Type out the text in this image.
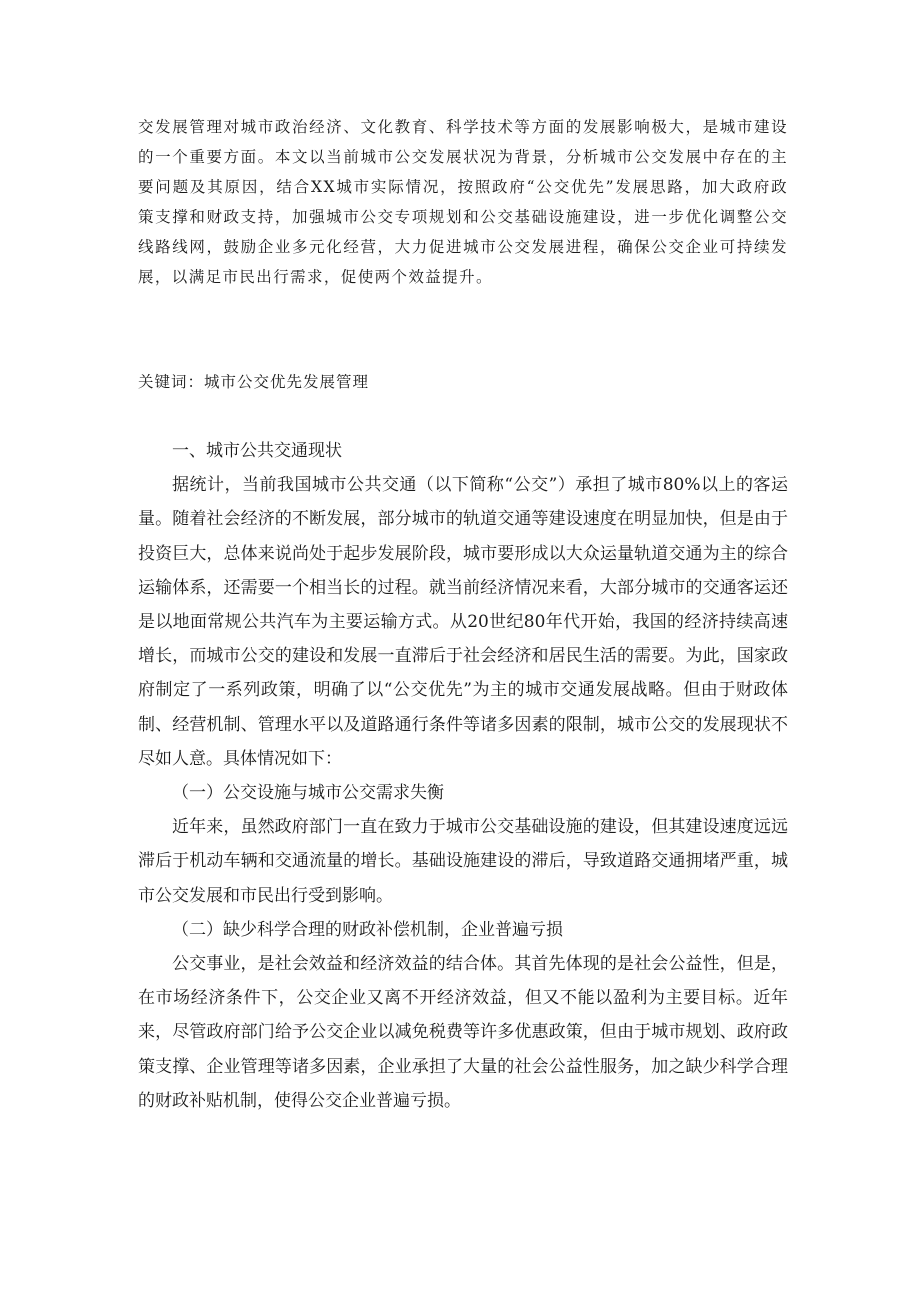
交发展管理对城市政治经济、文化教育、科学技术等方面的发展影响极大，是城市建设的一个重要方面。本文以当前城市公交发展状况为背景，分析城市公交发展中存在的主要问题及其原因，结合XX城市实际情况，按照政府“公交优先”发展思路，加大政府政策支撑和财政支持，加强城市公交专项规划和公交基础设施建设，进一步优化调整公交线路线网，鼓励企业多元化经营，大力促进城市公交发展进程，确保公交企业可持续发展，以满足市民出行需求，促使两个效益提升。

关键词：城市公交优先发展管理

一、城市公共交通现状

据统计，当前我国城市公共交通（以下简称“公交”）承担了城市80%以上的客运量。随着社会经济的不断发展，部分城市的轨道交通等建设速度在明显加快，但是由于投资巨大，总体来说尚处于起步发展阶段，城市要形成以大众运量轨道交通为主的综合运输体系，还需要一个相当长的过程。就当前经济情况来看，大部分城市的交通客运还是以地面常规公共汽车为主要运输方式。从20世纪80年代开始，我国的经济持续高速增长，而城市公交的建设和发展一直滞后于社会经济和居民生活的需要。为此，国家政府制定了一系列政策，明确了以“公交优先”为主的城市交通发展战略。但由于财政体制、经营机制、管理水平以及道路通行条件等诸多因素的限制，城市公交的发展现状不尽如人意。具体情况如下：

（一）公交设施与城市公交需求失衡

近年来，虽然政府部门一直在致力于城市公交基础设施的建设，但其建设速度远远滞后于机动车辆和交通流量的增长。基础设施建设的滞后，导致道路交通拥堵严重，城市公交发展和市民出行受到影响。

（二）缺少科学合理的财政补偿机制，企业普遍亏损

公交事业，是社会效益和经济效益的结合体。其首先体现的是社会公益性，但是，在市场经济条件下，公交企业又离不开经济效益，但又不能以盈利为主要目标。近年来，尽管政府部门给予公交企业以减免税费等许多优惠政策，但由于城市规划、政府政策支撑、企业管理等诸多因素，企业承担了大量的社会公益性服务，加之缺少科学合理的财政补贴机制，使得公交企业普遍亏损。
